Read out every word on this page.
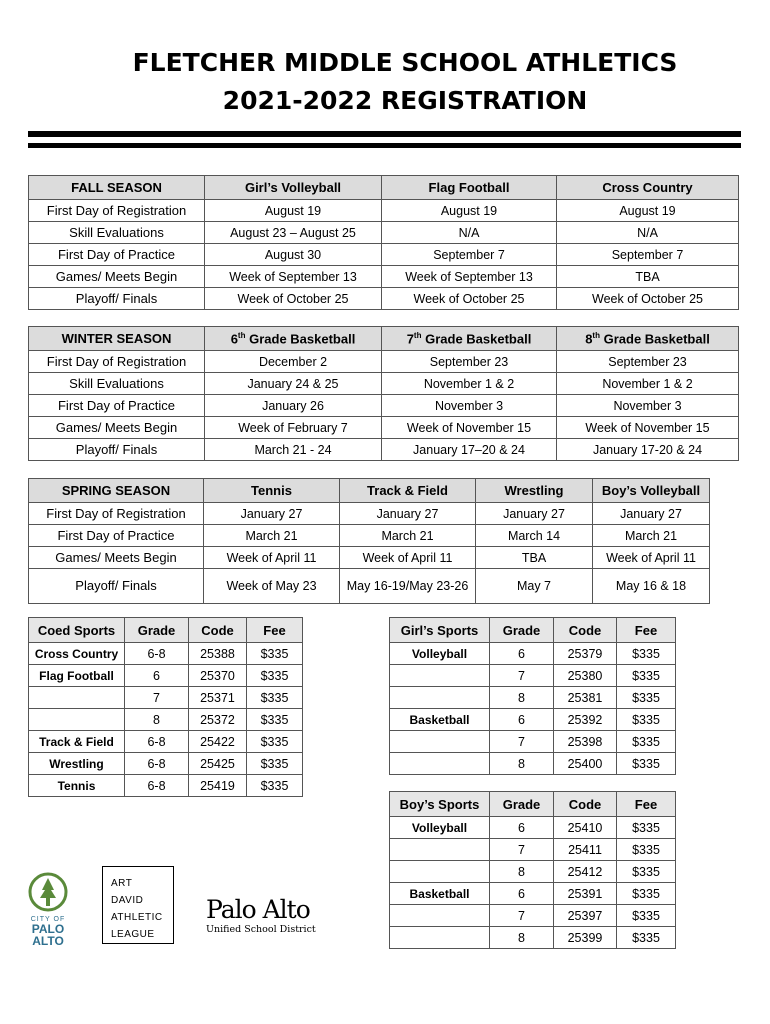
FLETCHER MIDDLE SCHOOL ATHLETICS
2021-2022 REGISTRATION
FALL SEASON	Girl’s Volleyball	Flag Football	Cross Country
First Day of Registration	August 19	August 19	August 19
Skill Evaluations	August 23 – August 25	N/A	N/A
First Day of Practice	August 30	September 7	September 7
Games/ Meets Begin	Week of September 13	Week of September 13	TBA
Playoff/ Finals	Week of October 25	Week of October 25	Week of October 25
WINTER SEASON	6th Grade Basketball	7th Grade Basketball	8th Grade Basketball
First Day of Registration	December 2	September 23	September 23
Skill Evaluations	January 24 & 25	November 1 & 2	November 1 & 2
First Day of Practice	January 26	November 3	November 3
Games/ Meets Begin	Week of February 7	Week of November 15	Week of November 15
Playoff/ Finals	March 21 - 24	January 17–20 & 24	January 17-20 & 24
SPRING SEASON	Tennis	Track & Field	Wrestling	Boy’s Volleyball
First Day of Registration	January 27	January 27	January 27	January 27
First Day of Practice	March 21	March 21	March 14	March 21
Games/ Meets Begin	Week of April 11	Week of April 11	TBA	Week of April 11
Playoff/ Finals	Week of May 23	May 16-19/May 23-26	May 7	May 16 & 18
Coed Sports	Grade	Code	Fee
Cross Country	6-8	25388	$335
Flag Football	6	25370	$335
	7	25371	$335
	8	25372	$335
Track & Field	6-8	25422	$335
Wrestling	6-8	25425	$335
Tennis	6-8	25419	$335
Girl’s Sports	Grade	Code	Fee
Volleyball	6	25379	$335
	7	25380	$335
	8	25381	$335
Basketball	6	25392	$335
	7	25398	$335
	8	25400	$335
Boy’s Sports	Grade	Code	Fee
Volleyball	6	25410	$335
	7	25411	$335
	8	25412	$335
Basketball	6	25391	$335
	7	25397	$335
	8	25399	$335
CITY OF
PALO
ALTO
ART
DAVID
ATHLETIC
LEAGUE
Palo Alto
Unified School District
